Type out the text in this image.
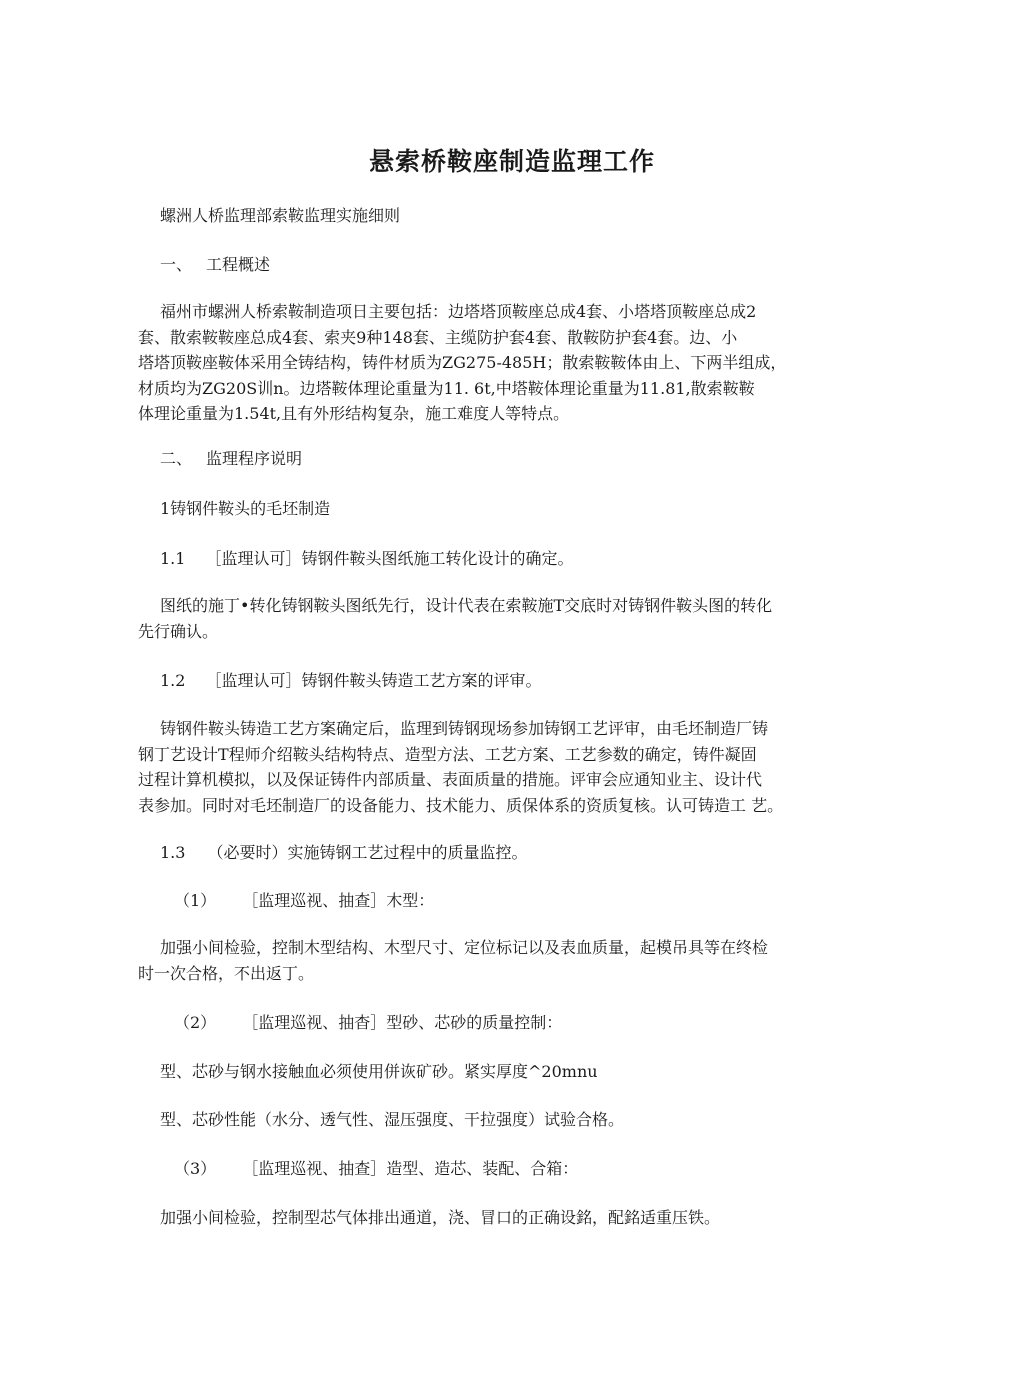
悬索桥鞍座制造监理工作
螺洲人桥监理部索鞍监理实施细则
一、 工程概述
福州市螺洲人桥索鞍制造项日主要包括：边塔塔顶鞍座总成4套、小塔塔顶鞍座总成2
套、散索鞍鞍座总成4套、索夹9种148套、主缆防护套4套、散鞍防护套4套。边、小
塔塔顶鞍座鞍体采用全铸结构，铸件材质为ZG275-485H；散索鞍鞍体由上、下两半组成，
材质均为ZG20S训n。边塔鞍体理论重量为11. 6t,中塔鞍体理论重量为11.81,散索鞍鞍
体理论重量为1.54t,且有外形结构复杂，施工难度人等特点。
二、 监理程序说明
1铸钢件鞍头的毛坯制造
1.1 ［监理认可］铸钢件鞍头图纸施工转化设计的确定。
图纸的施丁•转化铸钢鞍头图纸先行，设计代表在索鞍施T交底时对铸钢件鞍头图的转化
先行确认。
1.2 ［监理认可］铸钢件鞍头铸造工艺方案的评审。
铸钢件鞍头铸造工艺方案确定后，监理到铸钢现场参加铸钢工艺评审，由毛坯制造厂铸
钢丁艺设计T程师介绍鞍头结构特点、造型方法、工艺方案、工艺参数的确定，铸件凝固
过程计算机模拟，以及保证铸件内部质量、表面质量的措施。评审会应通知业主、设计代
表参加。同时对毛坯制造厂的设备能力、技术能力、质保体系的资质复核。认可铸造工 艺。
1.3 （必要时）实施铸钢工艺过程中的质量监控。
（1） ［监理巡视、抽查］木型：
加强小间检验，控制木型结构、木型尺寸、定位标记以及表血质量，起模吊具等在终检
时一次合格，不出返丁。
（2） ［监理巡视、抽杳］型砂、芯砂的质量控制：
型、芯砂与钢水接触血必须使用併诙矿砂。紧实厚度^20mnu
型、芯砂性能（水分、透气性、湿压强度、干拉强度）试验合格。
（3） ［监理巡视、抽查］造型、造芯、装配、合箱：
加强小间检验，控制型芯气体排出通道，浇、冒口的正确设銘，配銘适重压铁。
